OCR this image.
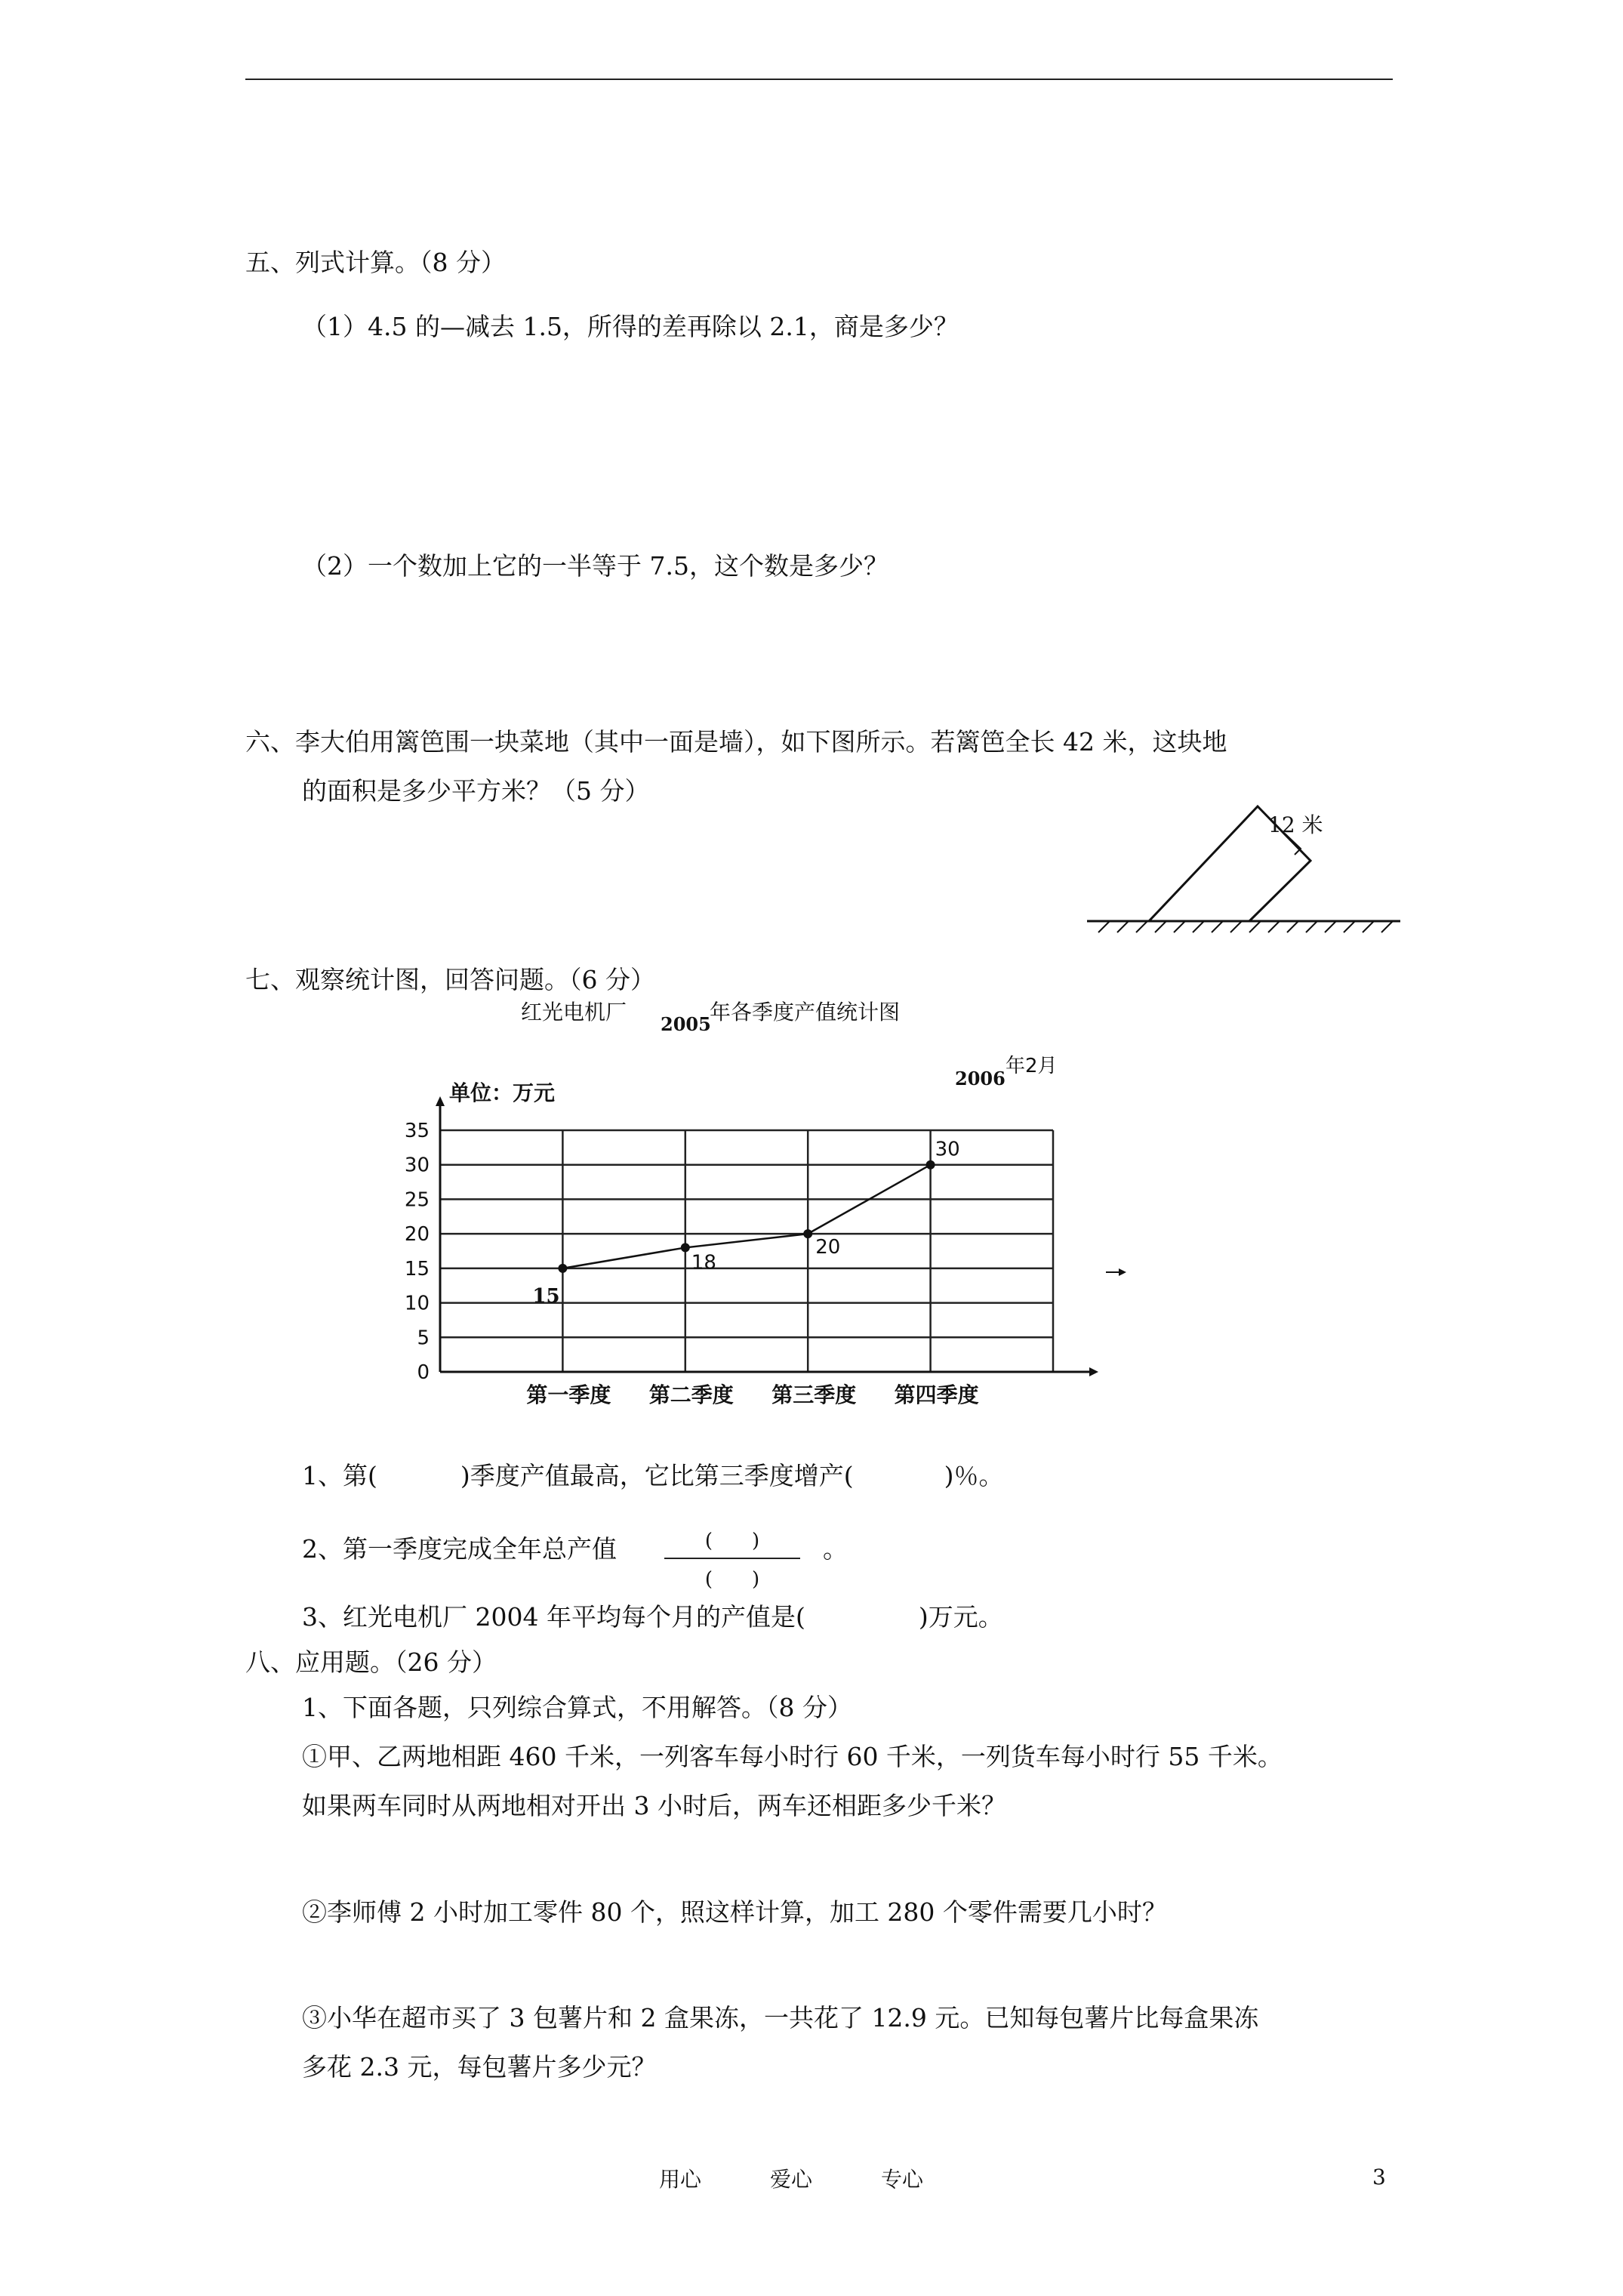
五、列式计算。（8 分）
（1）4.5 的—减去 1.5，所得的差再除以 2.1，商是多少？
（2）一个数加上它的一半等于 7.5，这个数是多少？
六、李大伯用篱笆围一块菜地（其中一面是墙），如下图所示。若篱笆全长 42 米，这块地
的面积是多少平方米？（5 分）
12 米
七、观察统计图，回答问题。（6 分）
红光电机厂 2005
年各季度产值统计图
2006
年2月
单位：万元
0
5
10
15
20
25
30
35
第一季度 第二季度 第三季度 第四季度
15
18
20
30
1、第(	)季度产值最高，它比第三季度增产(	)％。
2、第一季度完成全年总产值	(　　)
(　　)
。
3、红光电机厂 2004 年平均每个月的产值是(	)万元。
八、应用题。（26 分）
1、下面各题，只列综合算式，不用解答。（8 分）
①甲、乙两地相距 460 千米，一列客车每小时行 60 千米，一列货车每小时行 55 千米。
如果两车同时从两地相对开出 3 小时后，两车还相距多少千米？
②李师傅 2 小时加工零件 80 个，照这样计算，加工 280 个零件需要几小时？
③小华在超市买了 3 包薯片和 2 盒果冻，一共花了 12.9 元。已知每包薯片比每盒果冻
多花 2.3 元，每包薯片多少元？
用心	爱心	专心	3
